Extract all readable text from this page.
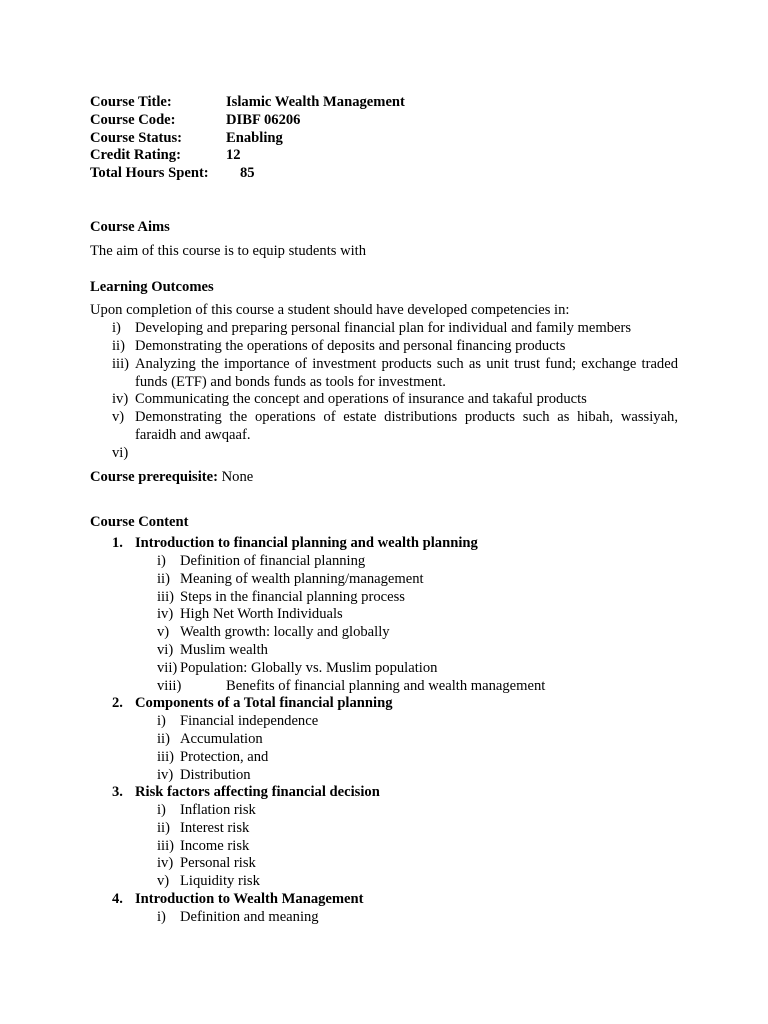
Course Title:	Islamic Wealth Management
Course Code:	DIBF 06206
Course Status:	Enabling
Credit Rating:	12
Total Hours Spent:	85
Course Aims

The aim of this course is to equip students with

Learning Outcomes

Upon completion of this course a student should have developed competencies in:

i) Developing and preparing personal financial plan for individual and family members
ii) Demonstrating the operations of deposits and personal financing products
iii) Analyzing the importance of investment products such as unit trust fund; exchange traded funds (ETF) and bonds funds as tools for investment.
iv) Communicating the concept and operations of insurance and takaful products
v) Demonstrating the operations of estate distributions products such as hibah, wassiyah, faraidh and awqaaf.
vi)

Course prerequisite: None

Course Content
1. Introduction to financial planning and wealth planning
i) Definition of financial planning
ii) Meaning of wealth planning/management
iii) Steps in the financial planning process
iv) High Net Worth Individuals
v) Wealth growth: locally and globally
vi) Muslim wealth
vii) Population: Globally vs. Muslim population
viii)	Benefits of financial planning and wealth management
2. Components of a Total financial planning
i) Financial independence
ii) Accumulation
iii) Protection, and
iv) Distribution
3. Risk factors affecting financial decision
i) Inflation risk
ii) Interest risk
iii) Income risk
iv) Personal risk
v) Liquidity risk
4. Introduction to Wealth Management
i) Definition and meaning
